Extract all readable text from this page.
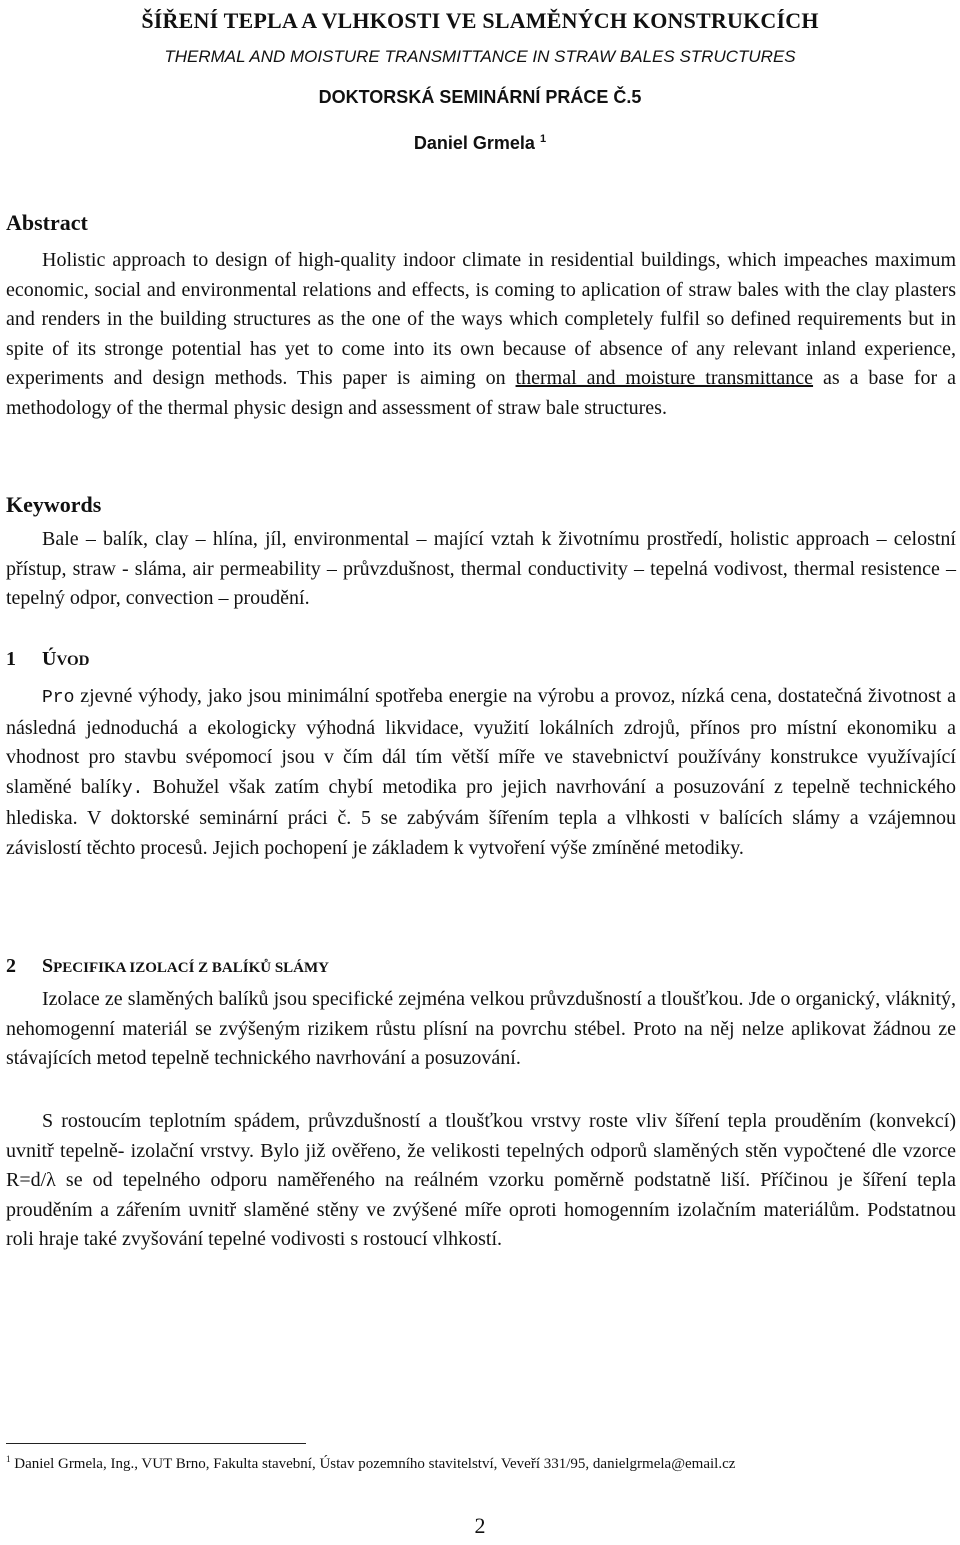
ŠÍŘENÍ TEPLA A VLHKOSTI VE SLAMĚNÝCH KONSTRUKCÍCH
THERMAL AND MOISTURE TRANSMITTANCE IN STRAW BALES STRUCTURES
DOKTORSKÁ SEMINÁRNÍ PRÁCE Č.5
Daniel Grmela $^1$
Abstract
Holistic approach to design of high-quality indoor climate in residential buildings, which impeaches maximum economic, social and environmental relations and effects, is coming to aplication of straw bales with the clay plasters and renders in the building structures as the one of the ways which completely fulfil so defined requirements but in spite of its stronge potential has yet to come into its own because of absence of any relevant inland experience, experiments and design methods. This paper is aiming on thermal and moisture transmittance as a base for a methodology of the thermal physic design and assessment of straw bale structures.
Keywords
Bale – balík, clay – hlína, jíl, environmental – mající vztah k životnímu prostředí, holistic approach – celostní přístup, straw - sláma, air permeability – průvzdušnost, thermal conductivity – tepelná vodivost, thermal resistence – tepelný odpor, convection – proudění.
1 ÚVOD
Pro zjevné výhody, jako jsou minimální spotřeba energie na výrobu a provoz, nízká cena, dostatečná životnost a následná jednoduchá a ekologicky výhodná likvidace, využití lokálních zdrojů, přínos pro místní ekonomiku a vhodnost pro stavbu svépomocí jsou v čím dál tím větší míře ve stavebnictví používány konstrukce využívající slaměné balíky. Bohužel však zatím chybí metodika pro jejich navrhování a posuzování z tepelně technického hlediska. V doktorské seminární práci č. 5 se zabývám šířením tepla a vlhkosti v balících slámy a vzájemnou závislostí těchto procesů. Jejich pochopení je základem k vytvoření výše zmíněné metodiky.
2 SPECIFIKA IZOLACÍ Z BALÍKŮ SLÁMY
Izolace ze slaměných balíků jsou specifické zejména velkou průvzdušností a tloušťkou. Jde o organický, vláknitý, nehomogenní materiál se zvýšeným rizikem růstu plísní na povrchu stébel. Proto na něj nelze aplikovat žádnou ze stávajících metod tepelně technického navrhování a posuzování.
S rostoucím teplotním spádem, průvzdušností a tloušťkou vrstvy roste vliv šíření tepla prouděním (konvekcí) uvnitř tepelně- izolační vrstvy. Bylo již ověřeno, že velikosti tepelných odporů slaměných stěn vypočtené dle vzorce R=d/λ se od tepelného odporu naměřeného na reálném vzorku poměrně podstatně liší. Příčinou je šíření tepla prouděním a zářením uvnitř slaměné stěny ve zvýšené míře oproti homogenním izolačním materiálům. Podstatnou roli hraje také zvyšování tepelné vodivosti s rostoucí vlhkostí.
$^1$ Daniel Grmela, Ing., VUT Brno, Fakulta stavební, Ústav pozemního stavitelství, Veveří 331/95, danielgrmela@email.cz
2
